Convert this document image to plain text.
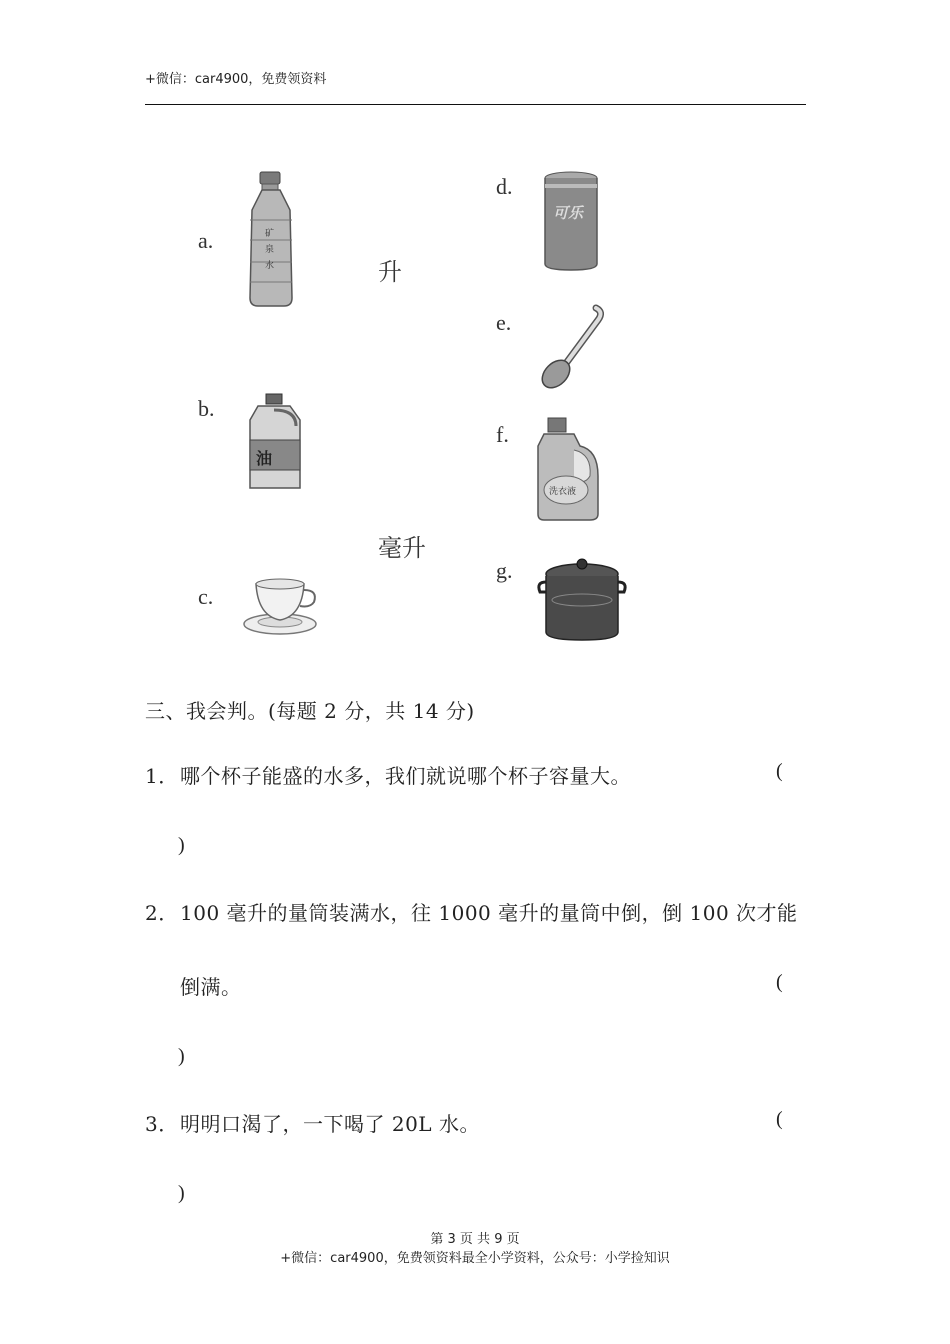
+微信：car4900，免费领资料
a.	矿
泉
水
b.
油
c.
升
毫升
d.
可乐
e.
f.
洗衣液
g.
三、我会判。(每题 2 分，共 14 分)
1． 哪个杯子能盛的水多，我们就说哪个杯子容量大。	(
)
2． 100 毫升的量筒装满水，往 1000 毫升的量筒中倒，倒 100 次才能
倒满。	(
)
3． 明明口渴了，一下喝了 20L 水。	(
)
第 3 页 共 9 页
+微信：car4900，免费领资料最全小学资料，公众号：小学捡知识
